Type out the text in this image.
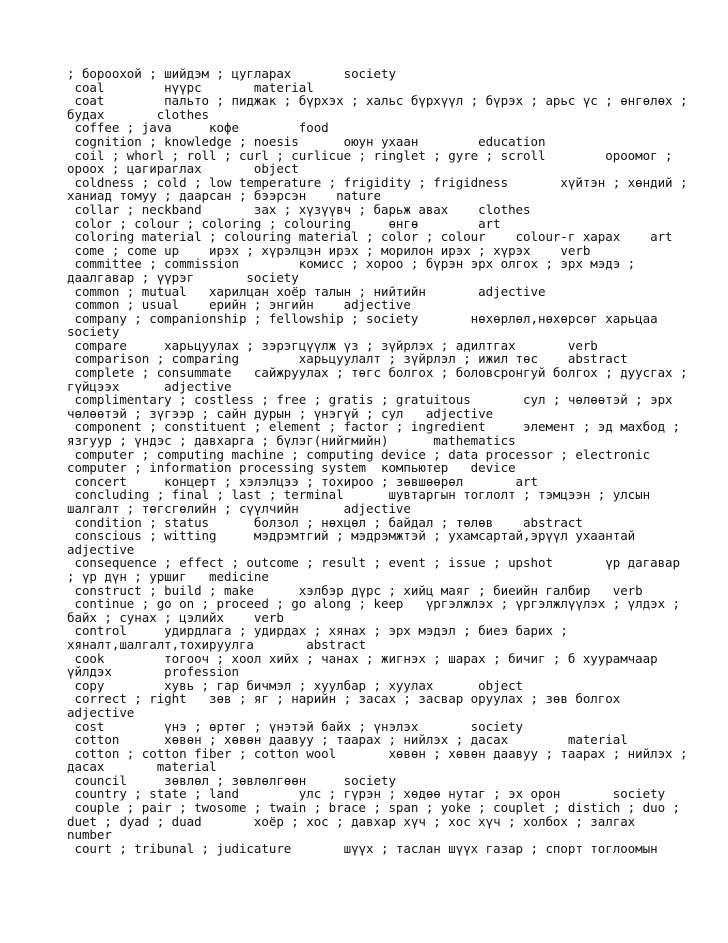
; бороохой ; шийдэм ; цугларах       society
coal        нүүрс       material
coat        пальто ; пиджак ; бүрхэх ; хальс бүрхүүл ; бүрэх ; арьс үс ; өнгөлөх ;
будах       clothes
coffee ; java     кофе        food
cognition ; knowledge ; noesis      оюун ухаан        education
coil ; whorl ; roll ; curl ; curlicue ; ringlet ; gyre ; scroll        ороомог ;
ороох ; цагираглах       object
coldness ; cold ; low temperature ; frigidity ; frigidness       хүйтэн ; хөндий ;
ханиад томуу ; даарсан ; бээрсэн    nature
collar ; neckband       зах ; хүзүүвч ; барьж авах    clothes
color ; colour ; coloring ; colouring     өнгө        art
coloring material ; colouring material ; color ; colour    colour-г харах    art
come ; come up    ирэх ; хүрэлцэн ирэх ; морилон ирэх ; хүрэх    verb
committee ; commission        комисс ; хороо ; бүрэн эрх олгох ; эрх мэдэ ;
даалгавар ; үүрэг       society
common ; mutual   харилцан хоёр талын ; нийтийн       adjective
common ; usual    ерийн ; энгийн    adjective
company ; companionship ; fellowship ; society       нөхөрлөл,нөхөрсөг харьцаа
society
compare     харьцуулах ; зэрэгцүүлж үз ; зүйрлэх ; адилтгах       verb
comparison ; comparing        харьцуулалт ; зүйрлэл ; ижил төс    abstract
complete ; consummate   сайжруулах ; төгс болгох ; боловсронгуй болгох ; дуусгах ;
гүйцээх      adjective
complimentary ; costless ; free ; gratis ; gratuitous       сул ; чөлөөтэй ; эрх
чөлөөтэй ; зүгээр ; сайн дурын ; үнэгүй ; сул   adjective
component ; constituent ; element ; factor ; ingredient     элемент ; эд махбод ;
язгуур ; үндэс ; давхарга ; бүлэг(нийгмийн)      mathematics
computer ; computing machine ; computing device ; data processor ; electronic
computer ; information processing system  компьютер   device
concert     концерт ; хэлэлцээ ; тохироо ; зөвшөөрөл       art
concluding ; final ; last ; terminal      шувтаргын тоглолт ; тэмцээн ; улсын
шалгалт ; төгсгөлийн ; сүүлчийн      adjective
condition ; status      болзол ; нөхцөл ; байдал ; төлөв    abstract
conscious ; witting     мэдрэмтгий ; мэдрэмжтэй ; ухамсартай,эрүүл ухаантай
adjective
consequence ; effect ; outcome ; result ; event ; issue ; upshot       үр дагавар
; үр дүн ; уршиг   medicine
construct ; build ; make      хэлбэр дүрс ; хийц маяг ; биеийн галбир   verb
continue ; go on ; proceed ; go along ; keep   үргэлжлэх ; үргэлжлүүлэх ; үлдэх ;
байх ; сунах ; цэлийх    verb
control     удирдлага ; удирдах ; хянах ; эрх мэдэл ; биеэ барих ;
хяналт,шалгалт,тохируулга       abstract
cook        тогооч ; хоол хийх ; чанах ; жигнэх ; шарах ; бичиг ; б хуурамчаар
үйлдэх       profession
copy        хувь ; гар бичмэл ; хуулбар ; хуулах      object
correct ; right   зөв ; яг ; нарийн ; засах ; засвар оруулах ; зөв болгох
adjective
cost        үнэ ; өртөг ; үнэтэй байх ; үнэлэх       society
cotton      хөвөн ; хөвөн даавуу ; таарах ; нийлэх ; дасах        material
cotton ; cotton fiber ; cotton wool       хөвөн ; хөвөн даавуу ; таарах ; нийлэх ;
дасах       material
council     зөвлөл ; зөвлөлгөөн     society
country ; state ; land        улс ; гүрэн ; хөдөө нутаг ; эх орон       society
couple ; pair ; twosome ; twain ; brace ; span ; yoke ; couplet ; distich ; duo ;
duet ; dyad ; duad       хоёр ; хос ; давхар хүч ; хос хүч ; холбох ; залгах
number
court ; tribunal ; judicature       шүүх ; таслан шүүх газар ; спорт тоглоомын
